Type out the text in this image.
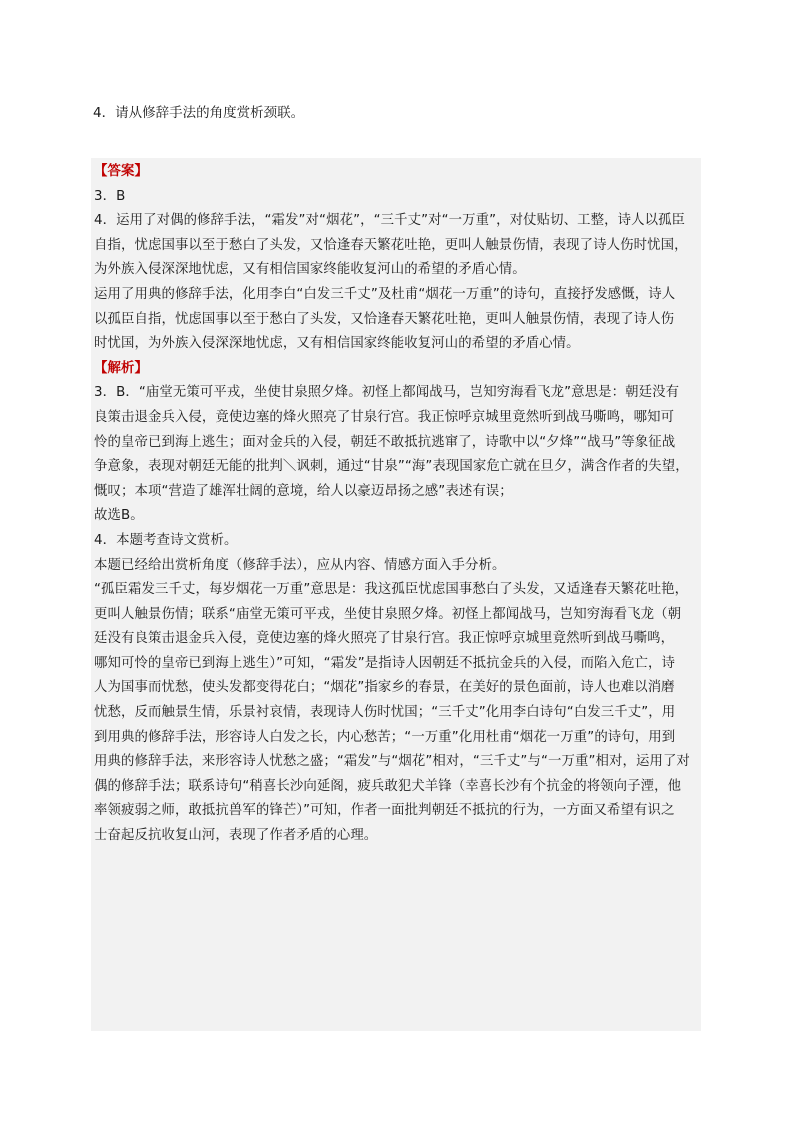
4．请从修辞手法的角度赏析颈联。
【答案】
3．B
4．运用了对偶的修辞手法，“霜发”对“烟花”，“三千丈”对“一万重”，对仗贴切、工整，诗人以孤臣
自指，忧虑国事以至于愁白了头发，又恰逢春天繁花吐艳，更叫人触景伤情，表现了诗人伤时忧国，
为外族入侵深深地忧虑，又有相信国家终能收复河山的希望的矛盾心情。
运用了用典的修辞手法，化用李白“白发三千丈”及杜甫“烟花一万重”的诗句，直接抒发感慨，诗人
以孤臣自指，忧虑国事以至于愁白了头发，又恰逢春天繁花吐艳，更叫人触景伤情，表现了诗人伤
时忧国，为外族入侵深深地忧虑，又有相信国家终能收复河山的希望的矛盾心情。
【解析】
3．B．“庙堂无策可平戎，坐使甘泉照夕烽。初怪上都闻战马，岂知穷海看飞龙”意思是：朝廷没有
良策击退金兵入侵，竟使边塞的烽火照亮了甘泉行宫。我正惊呼京城里竟然听到战马嘶鸣，哪知可
怜的皇帝已到海上逃生；面对金兵的入侵，朝廷不敢抵抗逃窜了，诗歌中以“夕烽”“战马”等象征战
争意象，表现对朝廷无能的批判＼讽刺，通过“甘泉”“海”表现国家危亡就在旦夕，满含作者的失望，
慨叹；本项“营造了雄浑壮阔的意境，给人以豪迈昂扬之感”表述有误；
故选B。
4．本题考查诗文赏析。
本题已经给出赏析角度（修辞手法），应从内容、情感方面入手分析。
“孤臣霜发三千丈，每岁烟花一万重”意思是：我这孤臣忧虑国事愁白了头发，又适逢春天繁花吐艳，
更叫人触景伤情；联系“庙堂无策可平戎，坐使甘泉照夕烽。初怪上都闻战马，岂知穷海看飞龙（朝
廷没有良策击退金兵入侵，竟使边塞的烽火照亮了甘泉行宫。我正惊呼京城里竟然听到战马嘶鸣，
哪知可怜的皇帝已到海上逃生）”可知，“霜发”是指诗人因朝廷不抵抗金兵的入侵，而陷入危亡，诗
人为国事而忧愁，使头发都变得花白；“烟花”指家乡的春景，在美好的景色面前，诗人也难以消磨
忧愁，反而触景生情，乐景衬哀情，表现诗人伤时忧国；“三千丈”化用李白诗句“白发三千丈”，用
到用典的修辞手法，形容诗人白发之长，内心愁苦；“一万重”化用杜甫“烟花一万重”的诗句，用到
用典的修辞手法，来形容诗人忧愁之盛；“霜发”与“烟花”相对，“三千丈”与“一万重”相对，运用了对
偶的修辞手法；联系诗句“稍喜长沙向延阁，疲兵敢犯犬羊锋（幸喜长沙有个抗金的将领向子湮，他
率领疲弱之师，敢抵抗兽军的锋芒）”可知，作者一面批判朝廷不抵抗的行为，一方面又希望有识之
士奋起反抗收复山河，表现了作者矛盾的心理。
